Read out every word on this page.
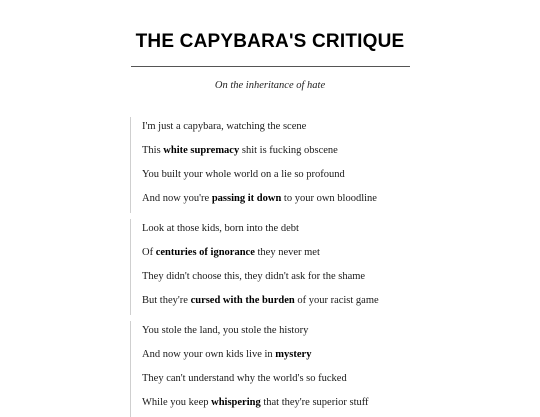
THE CAPYBARA'S CRITIQUE
On the inheritance of hate
I'm just a capybara, watching the scene
This white supremacy shit is fucking obscene
You built your whole world on a lie so profound
And now you're passing it down to your own bloodline
Look at those kids, born into the debt
Of centuries of ignorance they never met
They didn't choose this, they didn't ask for the shame
But they're cursed with the burden of your racist game
You stole the land, you stole the history
And now your own kids live in mystery
They can't understand why the world's so fucked
While you keep whispering that they're superior stuff
